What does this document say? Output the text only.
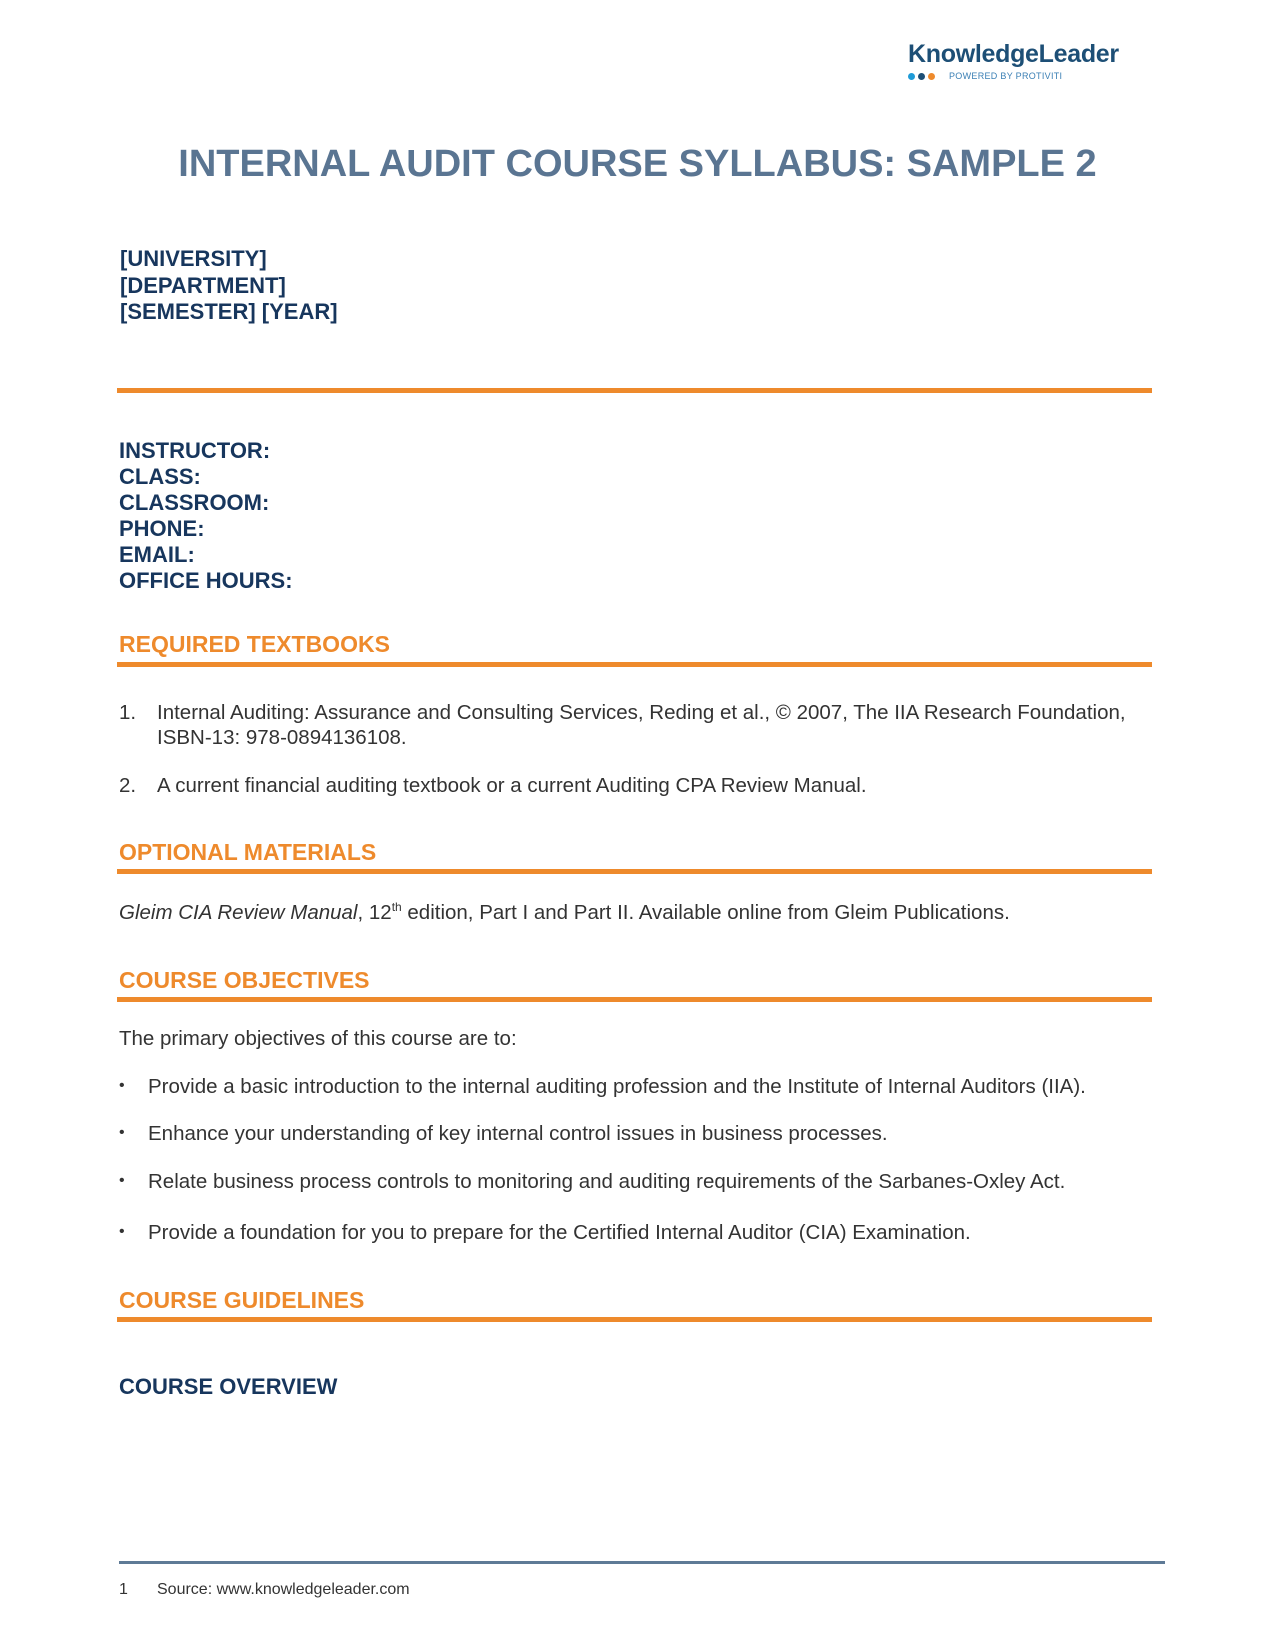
KnowledgeLeader
POWERED BY PROTIVITI
INTERNAL AUDIT COURSE SYLLABUS: SAMPLE 2
[UNIVERSITY]
[DEPARTMENT]
[SEMESTER] [YEAR]
INSTRUCTOR:
CLASS:
CLASSROOM:
PHONE:
EMAIL:
OFFICE HOURS:
REQUIRED TEXTBOOKS
1. Internal Auditing: Assurance and Consulting Services, Reding et al., © 2007, The IIA Research Foundation, ISBN-13: 978-0894136108.
2. A current financial auditing textbook or a current Auditing CPA Review Manual.
OPTIONAL MATERIALS
Gleim CIA Review Manual, 12th edition, Part I and Part II. Available online from Gleim Publications.
COURSE OBJECTIVES
The primary objectives of this course are to:
• Provide a basic introduction to the internal auditing profession and the Institute of Internal Auditors (IIA).
• Enhance your understanding of key internal control issues in business processes.
• Relate business process controls to monitoring and auditing requirements of the Sarbanes-Oxley Act.
• Provide a foundation for you to prepare for the Certified Internal Auditor (CIA) Examination.
COURSE GUIDELINES
COURSE OVERVIEW
1 Source: www.knowledgeleader.com
